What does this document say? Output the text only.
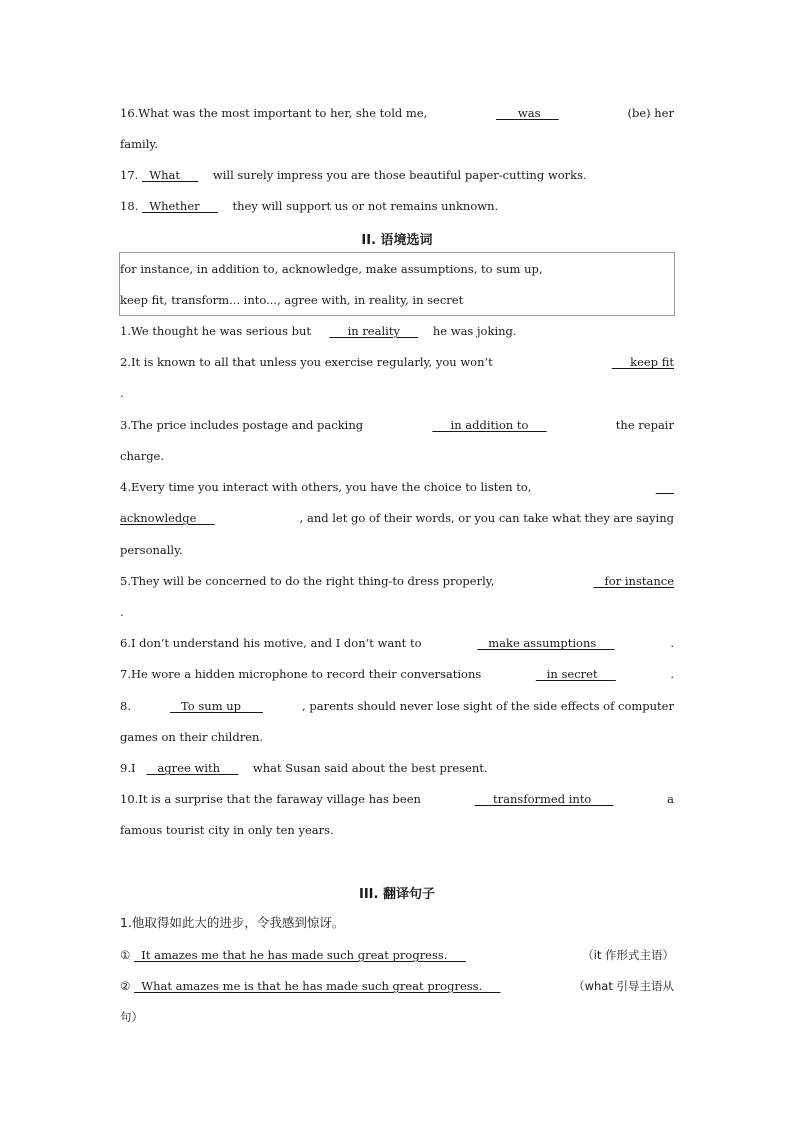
16.What was the most important to her, she told me,	was	(be) her
family.
17.   What         will surely impress you are those beautiful paper-cutting works.
18.   Whether         they will support us or not remains unknown.
II. 语境选词
for instance, in addition to, acknowledge, make assumptions, to sum up,
keep fit, transform... into..., agree with, in reality, in secret
1.We thought he was serious but          in reality         he was joking.
2.It is known to all that unless you exercise regularly, you won’t	keep fit
.
3.The price includes postage and packing	in addition to	the repair
charge.
4.Every time you interact with others, you have the choice to listen to,

acknowledge	, and let go of their words, or you can take what they are saying
personally.
5.They will be concerned to do the right thing-to dress properly,	for instance
.
6.I don’t understand his motive, and I don’t want to	make assumptions	.
7.He wore a hidden microphone to record their conversations	in secret	.
8.	To sum up	, parents should never lose sight of the side effects of computer
games on their children.
9.I      agree with         what Susan said about the best present.
10.It is a surprise that the faraway village has been	transformed into	a
famous tourist city in only ten years.
III. 翻译句子
1.他取得如此大的进步，令我感到惊讶。
①   It amazes me that he has made such great progress.	（it 作形式主语）
②   What amazes me is that he has made such great progress.	（what 引导主语从
句）
